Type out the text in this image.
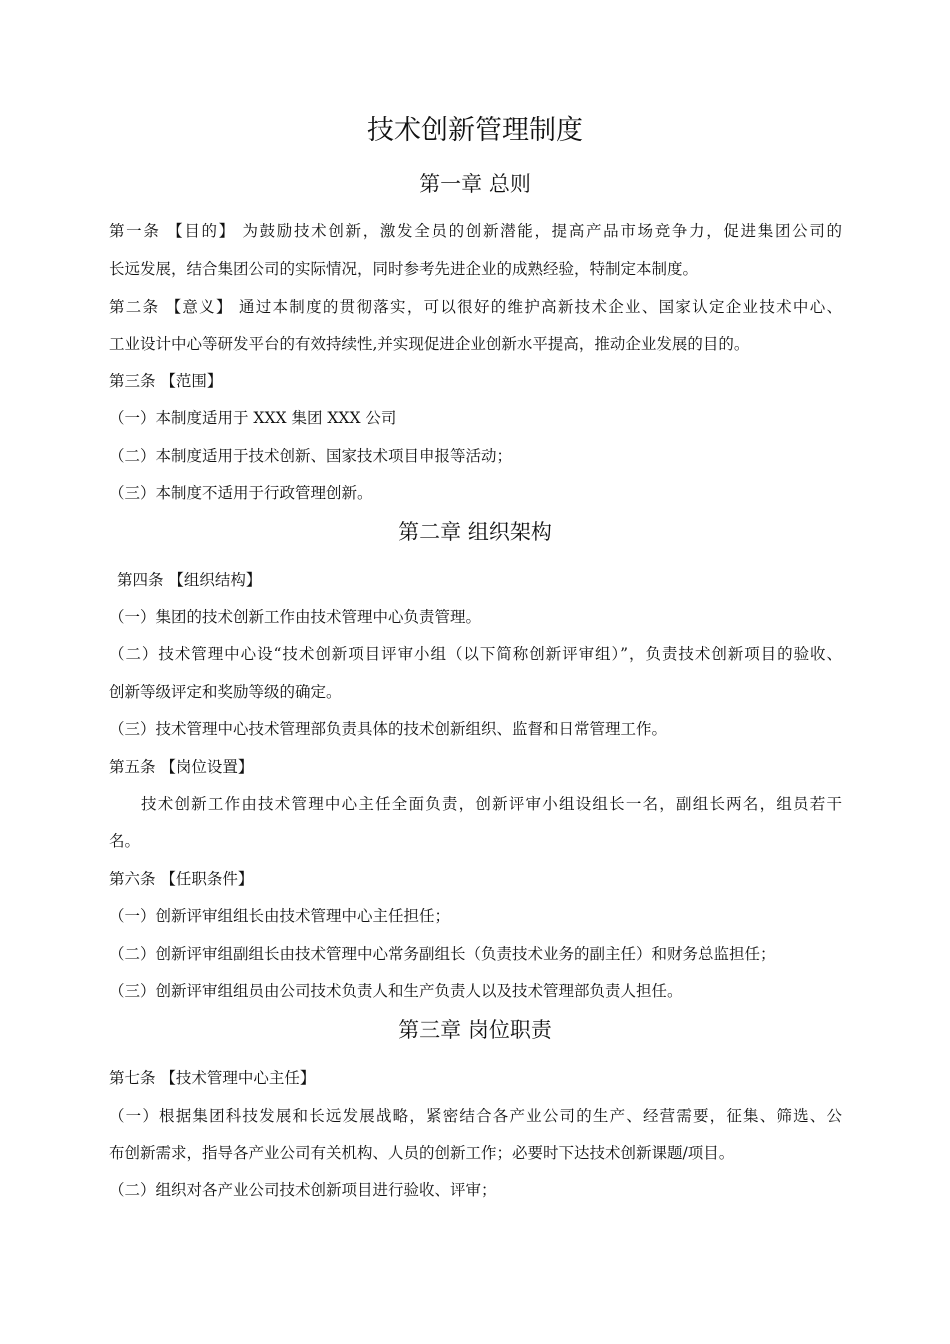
技术创新管理制度
第一章 总则
第一条 【目的】 为鼓励技术创新，激发全员的创新潜能，提高产品市场竞争力，促进集团公司的
长远发展，结合集团公司的实际情况，同时参考先进企业的成熟经验，特制定本制度。
第二条 【意义】 通过本制度的贯彻落实，可以很好的维护高新技术企业、国家认定企业技术中心、
工业设计中心等研发平台的有效持续性,并实现促进企业创新水平提高，推动企业发展的目的。
第三条 【范围】
（一）本制度适用于 XXX 集团 XXX 公司
（二）本制度适用于技术创新、国家技术项目申报等活动；
（三）本制度不适用于行政管理创新。
第二章 组织架构
第四条 【组织结构】
（一）集团的技术创新工作由技术管理中心负责管理。
（二）技术管理中心设“技术创新项目评审小组（以下简称创新评审组）”，负责技术创新项目的验收、
创新等级评定和奖励等级的确定。
（三）技术管理中心技术管理部负责具体的技术创新组织、监督和日常管理工作。
第五条 【岗位设置】
技术创新工作由技术管理中心主任全面负责，创新评审小组设组长一名，副组长两名，组员若干
名。
第六条 【任职条件】
（一）创新评审组组长由技术管理中心主任担任；
（二）创新评审组副组长由技术管理中心常务副组长（负责技术业务的副主任）和财务总监担任；
（三）创新评审组组员由公司技术负责人和生产负责人以及技术管理部负责人担任。
第三章 岗位职责
第七条 【技术管理中心主任】
（一）根据集团科技发展和长远发展战略，紧密结合各产业公司的生产、经营需要，征集、筛选、公
布创新需求，指导各产业公司有关机构、人员的创新工作；必要时下达技术创新课题/项目。
（二）组织对各产业公司技术创新项目进行验收、评审；
